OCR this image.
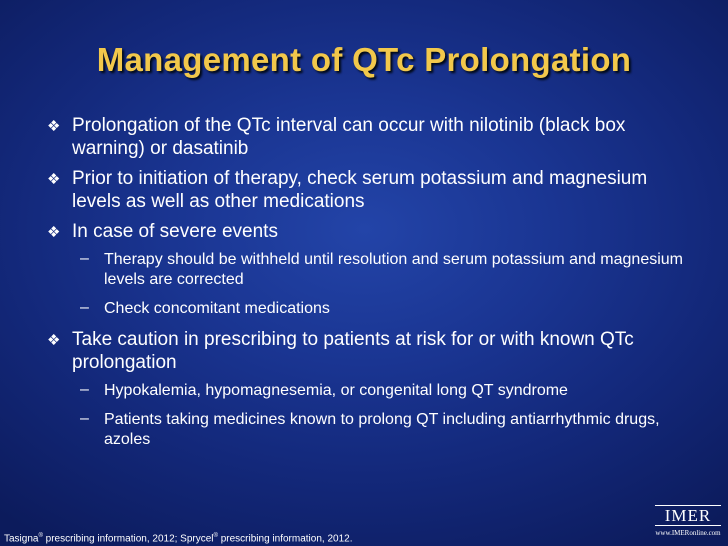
Management of QTc Prolongation
❖ Prolongation of the QTc interval can occur with nilotinib (black box warning) or dasatinib
❖ Prior to initiation of therapy, check serum potassium and magnesium levels as well as other medications
❖ In case of severe events
– Therapy should be withheld until resolution and serum potassium and magnesium levels are corrected
– Check concomitant medications
❖ Take caution in prescribing to patients at risk for or with known QTc prolongation
– Hypokalemia, hypomagnesemia, or congenital long QT syndrome
– Patients taking medicines known to prolong QT including antiarrhythmic drugs, azoles
Tasigna® prescribing information, 2012; Sprycel® prescribing information, 2012.
IMER
www.IMERonline.com
